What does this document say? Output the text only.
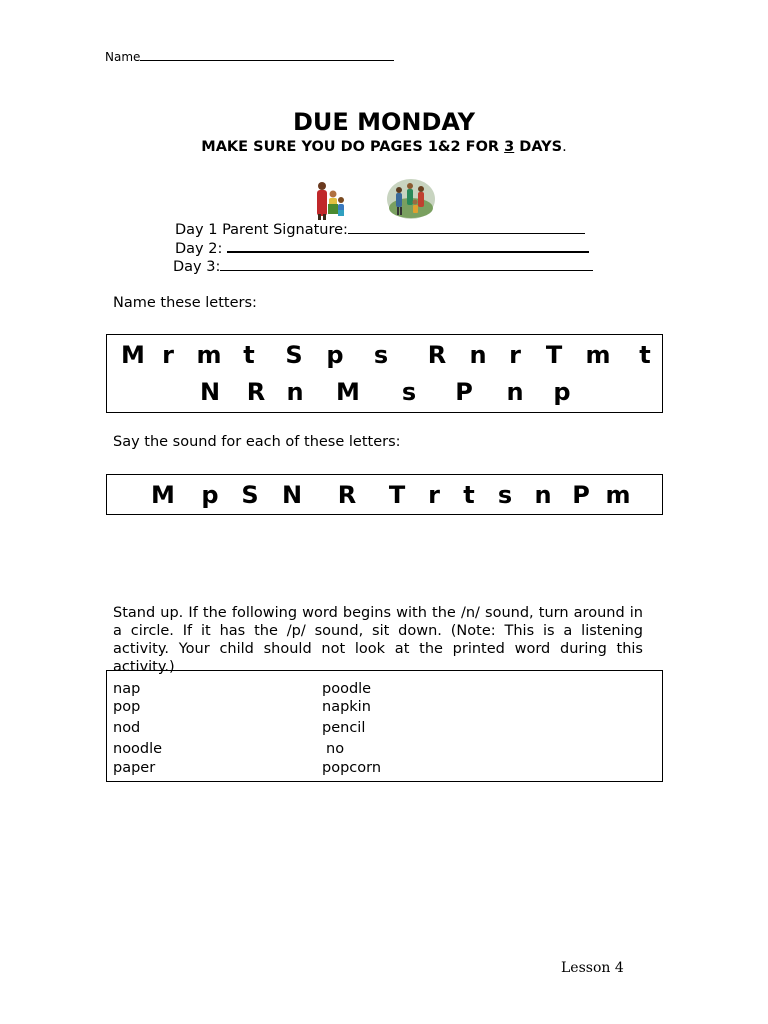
Name
DUE MONDAY
MAKE SURE YOU DO PAGES 1&2 FOR 3 DAYS.
Day 1 Parent Signature:
Day 2:
Day 3:
Name these letters:
M r m t S p s R n r T m t
N R n M s P n p
Say the sound for each of these letters:
M p S N R T r t s n P m
Stand up. If the following word begins with the /n/ sound, turn around in a circle. If it has the /p/ sound, sit down. (Note: This is a listening activity. Your child should not look at the printed word during this activity.)
nap
pop
nod
noodle
paper
poodle
napkin
pencil
no
popcorn
Lesson 4
